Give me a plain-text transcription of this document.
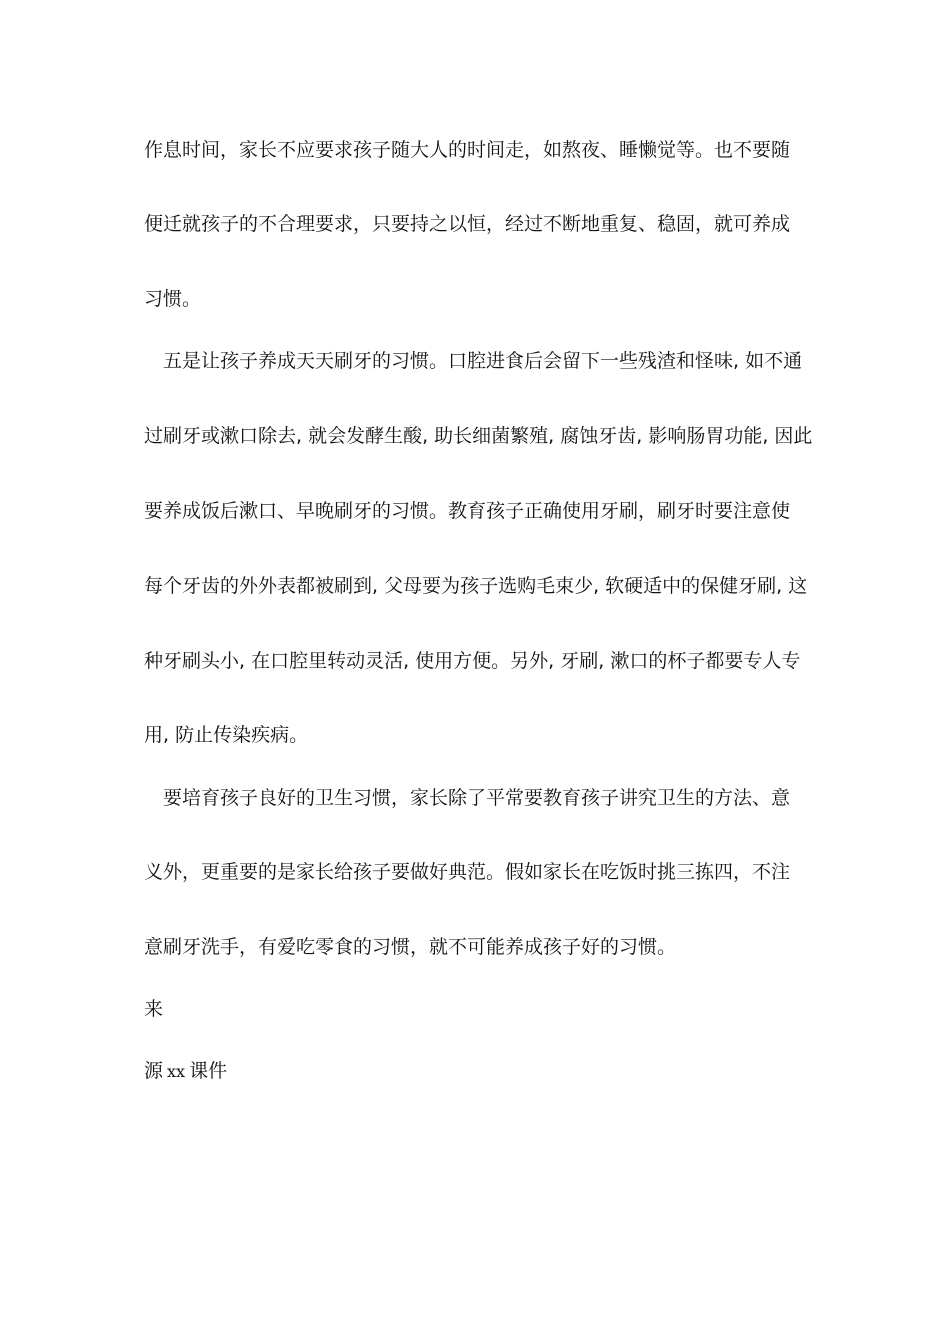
作息时间，家长不应要求孩子随大人的时间走，如熬夜、睡懒觉等。也不要随
便迁就孩子的不合理要求，只要持之以恒，经过不断地重复、稳固，就可养成
习惯。
五是让孩子养成天天刷牙的习惯。口腔进食后会留下一些残渣和怪味, 如不通
过刷牙或漱口除去, 就会发酵生酸, 助长细菌繁殖, 腐蚀牙齿, 影响肠胃功能, 因此
要养成饭后漱口、早晚刷牙的习惯。教育孩子正确使用牙刷，刷牙时要注意使
每个牙齿的外外表都被刷到, 父母要为孩子选购毛束少, 软硬适中的保健牙刷, 这
种牙刷头小, 在口腔里转动灵活, 使用方便。另外, 牙刷, 漱口的杯子都要专人专
用, 防止传染疾病。
要培育孩子良好的卫生习惯，家长除了平常要教育孩子讲究卫生的方法、意
义外，更重要的是家长给孩子要做好典范。假如家长在吃饭时挑三拣四，不注
意刷牙洗手，有爱吃零食的习惯，就不可能养成孩子好的习惯。
来
源 xx 课件
